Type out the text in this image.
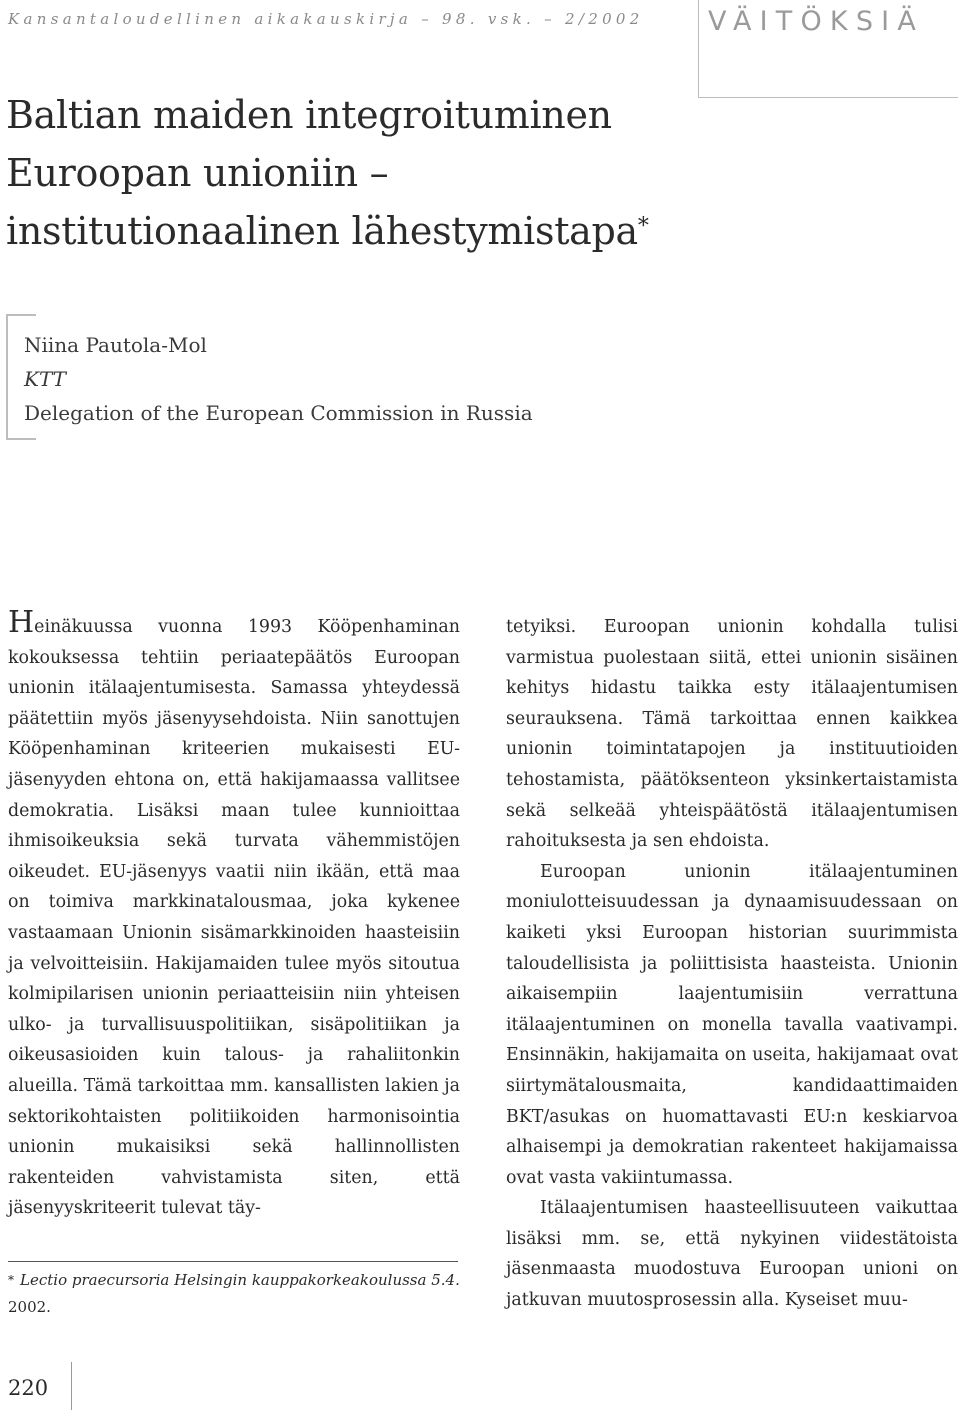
Kansantaloudellinen aikakauskirja – 98. vsk. – 2/2002 VÄITÖKSIÄ
Baltian maiden integroituminen
Euroopan unioniin –
institutionaalinen lähestymistapa*
Niina Pautola-Mol
KTT
Delegation of the European Commission in Russia

Heinäkuussa vuonna 1993 Kööpenhaminan kokouksessa tehtiin periaatepäätös Euroopan unionin itälaajentumisesta. Samassa yhteydessä päätettiin myös jäsenyysehdoista. Niin sanottujen Kööpenhaminan kriteerien mukaisesti EU-jäsenyyden ehtona on, että hakijamaassa vallitsee demokratia. Lisäksi maan tulee kunnioittaa ihmisoikeuksia sekä turvata vähemmistöjen oikeudet. EU-jäsenyys vaatii niin ikään, että maa on toimiva markkinatalousmaa, joka kykenee vastaamaan Unionin sisämarkkinoiden haasteisiin ja velvoitteisiin. Hakijamaiden tulee myös sitoutua kolmipilarisen unionin periaatteisiin niin yhteisen ulko- ja turvallisuuspolitiikan, sisäpolitiikan ja oikeusasioiden kuin talous- ja rahaliitonkin alueilla. Tämä tarkoittaa mm. kansallisten lakien ja sektorikohtaisten politiikoiden harmonisointia unionin mukaisiksi sekä hallinnollisten rakenteiden vahvistamista siten, että jäsenyyskriteerit tulevat täy-

tetyiksi. Euroopan unionin kohdalla tulisi varmistua puolestaan siitä, ettei unionin sisäinen kehitys hidastu taikka esty itälaajentumisen seurauksena. Tämä tarkoittaa ennen kaikkea unionin toimintatapojen ja instituutioiden tehostamista, päätöksenteon yksinkertaistamista sekä selkeää yhteispäätöstä itälaajentumisen rahoituksesta ja sen ehdoista.

Euroopan unionin itälaajentuminen moniulotteisuudessan ja dynaamisuudessaan on kaiketi yksi Euroopan historian suurimmista taloudellisista ja poliittisista haasteista. Unionin aikaisempiin laajentumisiin verrattuna itälaajentuminen on monella tavalla vaativampi. Ensinnäkin, hakijamaita on useita, hakijamaat ovat siirtymätalousmaita, kandidaattimaiden BKT/asukas on huomattavasti EU:n keskiarvoa alhaisempi ja demokratian rakenteet hakijamaissa ovat vasta vakiintumassa.

Itälaajentumisen haasteellisuuteen vaikuttaa lisäksi mm. se, että nykyinen viidestätoista jäsenmaasta muodostuva Euroopan unioni on jatkuvan muutosprosessin alla. Kyseiset muu-

* Lectio praecursoria Helsingin kauppakorkeakoulussa 5.4.
2002.
220
